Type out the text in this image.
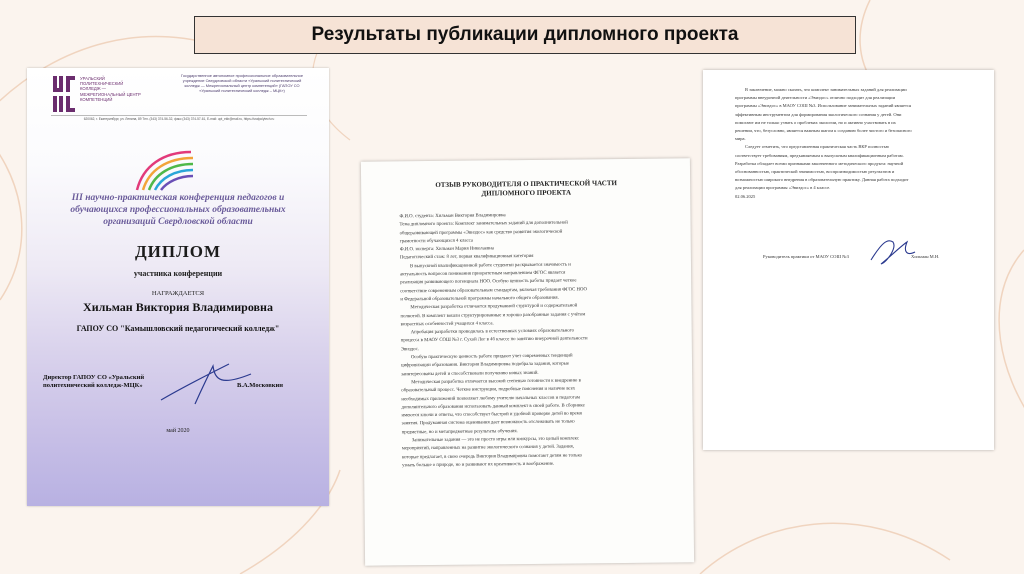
Результаты публикации дипломного проекта
УРАЛЬСКИЙ ПОЛИТЕХНИЧЕСКИЙ КОЛЛЕДЖ — МЕЖРЕГИОНАЛЬНЫЙ ЦЕНТР КОМПЕТЕНЦИЙ
Государственное автономное профессиональное образовательное учреждение Свердловской области «Уральский политехнический колледж — Межрегиональный центр компетенций» (ГАПОУ СО «Уральский политехнический колледж – МЦК»)
620062, г. Екатеринбург, ул. Ленина, 89 Тел. (343) 374-56-32, факс (343) 374-57-61, E-mail: upt_ekb@mail.ru, https://uralpolytech.ru
III научно-практическая конференция педагогов и обучающихся профессиональных образовательных организаций Свердловской области
ДИПЛОМ
участника конференции
НАГРАЖДАЕТСЯ
Хильман Виктория Владимировна
ГАПОУ СО "Камышловский педагогический колледж"
Директор ГАПОУ СО «Уральский политехнический колледж-МЦК»	В.А.Московкин
май 2020
ОТЗЫВ РУКОВОДИТЕЛЯ О ПРАКТИЧЕСКОЙ ЧАСТИ
ДИПЛОМНОГО ПРОЕКТА
Ф.И.О. студента: Хильман Виктория Владимировна
Тема дипломного проекта: Комплект занимательных заданий для дополнительной
общеразвивающей программы «Эвиздос» как средство развития экологической
грамотности обучающихся 4 класса
Ф.И.О. эксперта: Хильман Мария Николаевна
Педагогический стаж: 8 лет, первая квалификационная категория
В выпускной квалификационной работе студентки раскрывается значимость и
актуальность вопросов понимания приоритетным направлением ФГОС является
реализация развивающего потенциала НОО. Особую ценность работы придает четкое
соответствие современным образовательным стандартам, включая требования ФГОС НОО
и Федеральной образовательной программы начального общего образования.
Методическая разработка отличается продуманной структурой и содержательной
полнотой. В комплект вошли структурированные и хорошо разобранные задания с учётом
возрастных особенностей учащихся 4 класса.
Апробация разработки проводилась в естественных условиях образовательного
процесса в МАОУ СОШ №3 г. Сухой Лог в 4б классе по занятию внеурочной деятельности
Эвиздос.
Особую практическую ценность работе придают учет современных тенденций
цифровизации образования. Виктория Владимировна подобрала задания, которые
заинтересованы детей и способствовали получению новых знаний.
Методическая разработка отличается высокой степенью готовности к внедрению в
образовательный процесс. Четкие инструкции, подробные пояснения и наличие всех
необходимых приложений позволяют любому учителю начальных классов и педагогам
дополнительного образования использовать данный комплект в своей работе. В сборнике
имеются ключи и ответы, что способствует быстрой и удобной проверке детей во время
занятия. Продуманная система оценивания дает возможность отслеживать не только
предметные, но и метапредметные результаты обучения.
Занимательные задания — это не просто игры или конкурсы, это целый комплекс
мероприятий, направленных на развитие экологического сознания у детей. Задания,
которые предлагает, в свою очередь Виктория Владимировна помогают детям не только
узнать больше о природе, но и развивают их креативность и воображение.
В заключение, можно сказать, что комплект занимательных заданий для реализации
программы внеурочной деятельности «Эвиздос» отлично подходит для реализации
программы «Эвиздос» в МАОУ СОШ №3. Использование занимательных заданий является
эффективным инструментом для формирования экологического сознания у детей. Они
помогают им не только узнать о проблемах экологии, но и активно участвовать в их
решении, что, безусловно, является важным шагом к созданию более чистого и безопасного
мира.
Следует отметить, что представленная практическая часть ВКР полностью
соответствует требованиям, предъявляемым к выпускным квалификационным работам.
Разработка обладает всеми признаками законченного методического продукта: научной
обоснованностью, практической значимостью, воспроизводимостью результатов и
возможностью широкого внедрения в образовательную практику. Данная работа подходит
для реализации программы «Эвиздос» в 4 классе.
02.06.2025
Руководитель практики от МАОУ СОШ №3	Хильман М.Н.
